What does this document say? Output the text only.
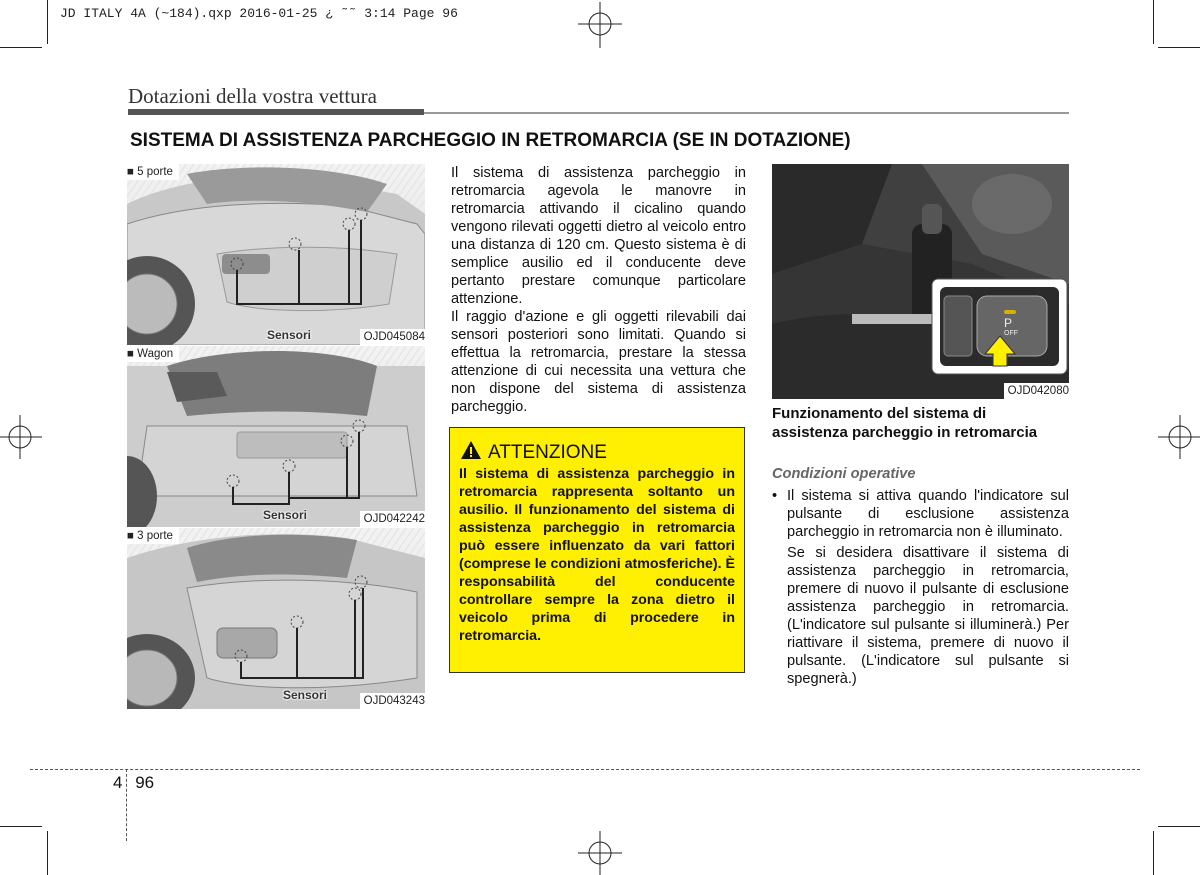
JD ITALY 4A (~184).qxp 2016-01-25 ¿ ˜˜ 3:14 Page 96
Dotazioni della vostra vettura
SISTEMA DI ASSISTENZA PARCHEGGIO IN RETROMARCIA (SE IN DOTAZIONE)
■ 5 porte
Sensori	OJD045084
■ Wagon
Sensori	OJD042242
■ 3 porte
Sensori	OJD043243

Il sistema di assistenza parcheggio in retromarcia agevola le manovre in retromarcia attivando il cicalino quando vengono rilevati oggetti dietro al veicolo entro una distanza di 120 cm. Questo sistema è di semplice ausilio ed il conducente deve pertanto prestare comunque particolare attenzione.

Il raggio d'azione e gli oggetti rilevabili dai sensori posteriori sono limitati. Quando si effettua la retromarcia, prestare la stessa attenzione di cui necessita una vettura che non dispone del sistema di assistenza parcheggio.

ATTENZIONE
Il sistema di assistenza parcheggio in retromarcia rappresenta soltanto un ausilio. Il funzionamento del sistema di assistenza parcheggio in retromarcia può essere influenzato da vari fattori (comprese le condizioni atmosferiche). È responsabilità del conducente controllare sempre la zona dietro il veicolo prima di procedere in retromarcia.
P
OFF
OJD042080
Funzionamento del sistema di assistenza parcheggio in retromarcia
Condizioni operative
• Il sistema si attiva quando l'indicatore sul pulsante di esclusione assistenza parcheggio in retromarcia non è illuminato.

Se si desidera disattivare il sistema di assistenza parcheggio in retromarcia, premere di nuovo il pulsante di esclusione assistenza parcheggio in retromarcia. (L'indicatore sul pulsante si illuminerà.) Per riattivare il sistema, premere di nuovo il pulsante. (L'indicatore sul pulsante si spegnerà.)

4 96
